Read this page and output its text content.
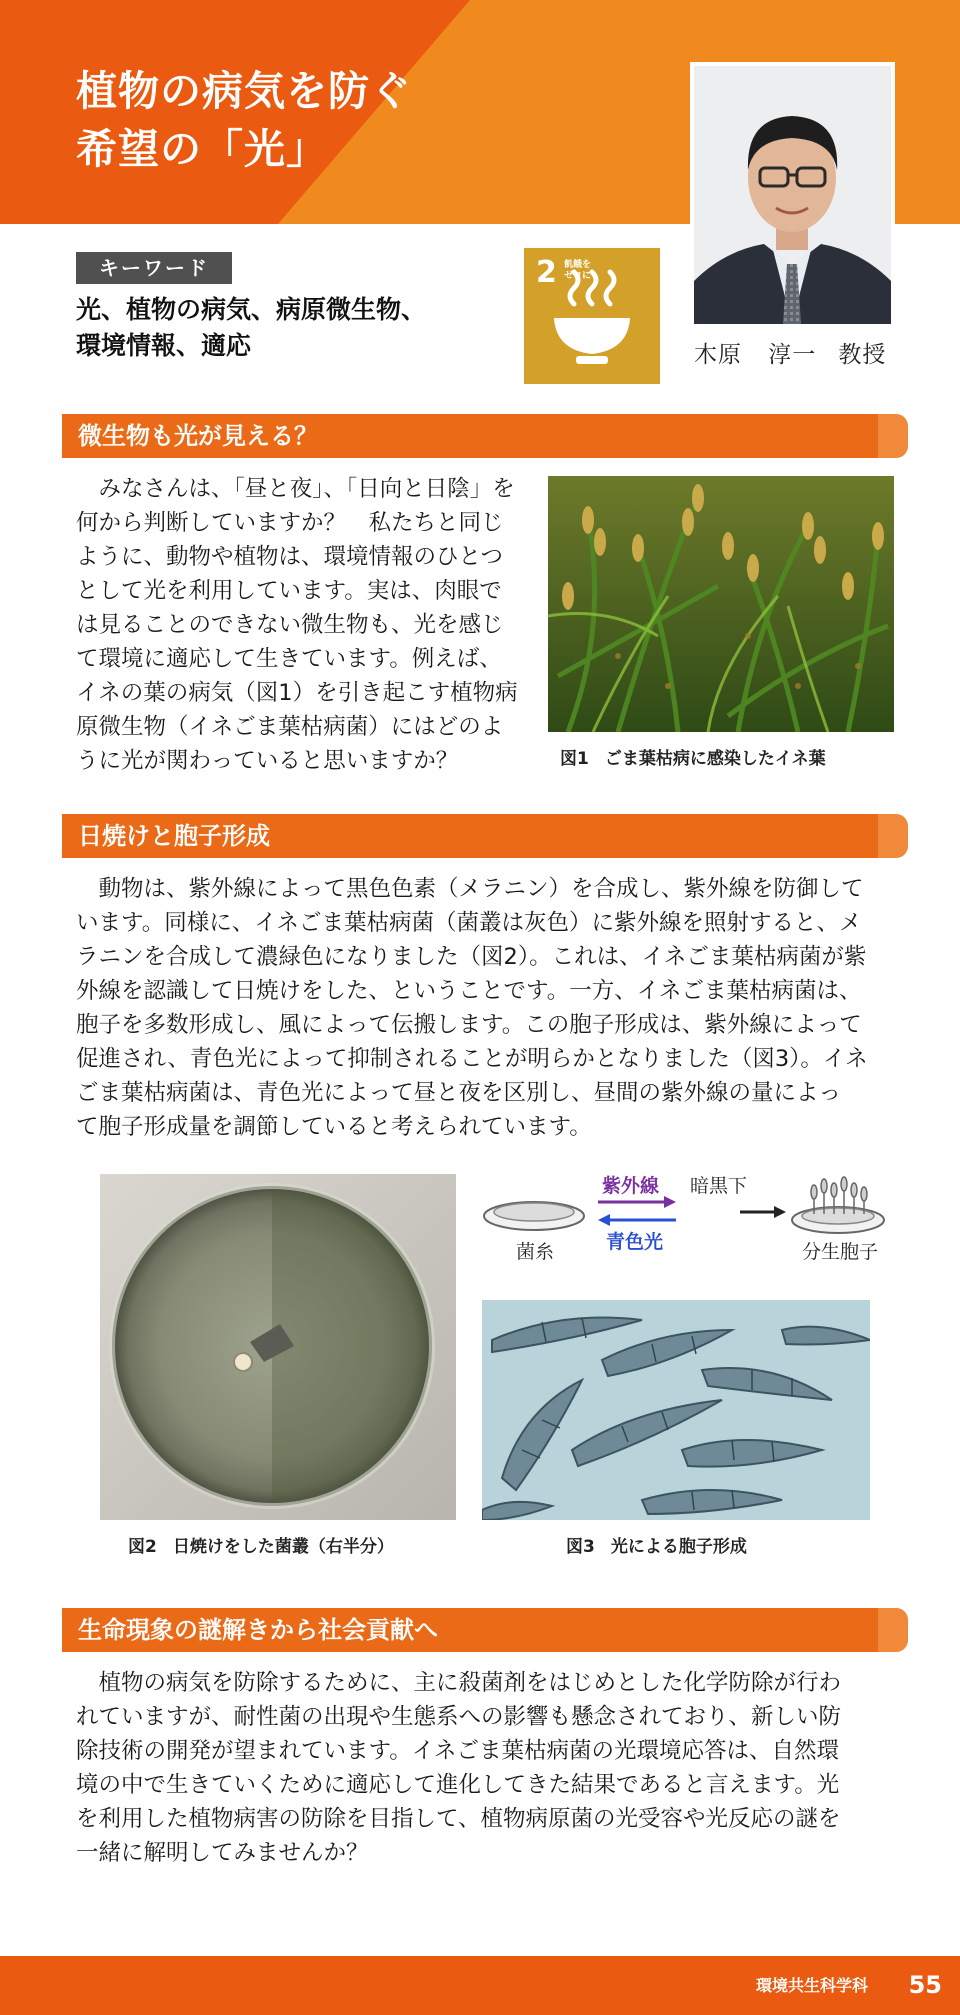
植物の病気を防ぐ
希望の「光」
キーワード

光、植物の病気、病原微生物、
環境情報、適応

2 飢餓を
ゼロに
木原 淳一 教授
微生物も光が見える？

　みなさんは、「昼と夜」、「日向と日陰」を
何から判断していますか？　私たちと同じ
ように、動物や植物は、環境情報のひとつ
として光を利用しています。実は、肉眼で
は見ることのできない微生物も、光を感じ
て環境に適応して生きています。例えば、
イネの葉の病気（図1）を引き起こす植物病
原微生物（イネごま葉枯病菌）にはどのよ
うに光が関わっていると思いますか？	図1 ごま葉枯病に感染したイネ葉

日焼けと胞子形成

　動物は、紫外線によって黒色色素（メラニン）を合成し、紫外線を防御して
います。同様に、イネごま葉枯病菌（菌叢は灰色）に紫外線を照射すると、メ
ラニンを合成して濃緑色になりました（図2）。これは、イネごま葉枯病菌が紫
外線を認識して日焼けをした、ということです。一方、イネごま葉枯病菌は、
胞子を多数形成し、風によって伝搬します。この胞子形成は、紫外線によって
促進され、青色光によって抑制されることが明らかとなりました（図3）。イネ
ごま葉枯病菌は、青色光によって昼と夜を区別し、昼間の紫外線の量によっ
て胞子形成量を調節していると考えられています。

図2 日焼けをした菌叢（右半分）

紫外線 暗黒下
青色光
菌糸	分生胞子

図3 光による胞子形成

生命現象の謎解きから社会貢献へ

　植物の病気を防除するために、主に殺菌剤をはじめとした化学防除が行わ
れていますが、耐性菌の出現や生態系への影響も懸念されており、新しい防
除技術の開発が望まれています。イネごま葉枯病菌の光環境応答は、自然環
境の中で生きていくために適応して進化してきた結果であると言えます。光
を利用した植物病害の防除を目指して、植物病原菌の光受容や光反応の謎を
一緒に解明してみませんか？

環境共生科学科 55
